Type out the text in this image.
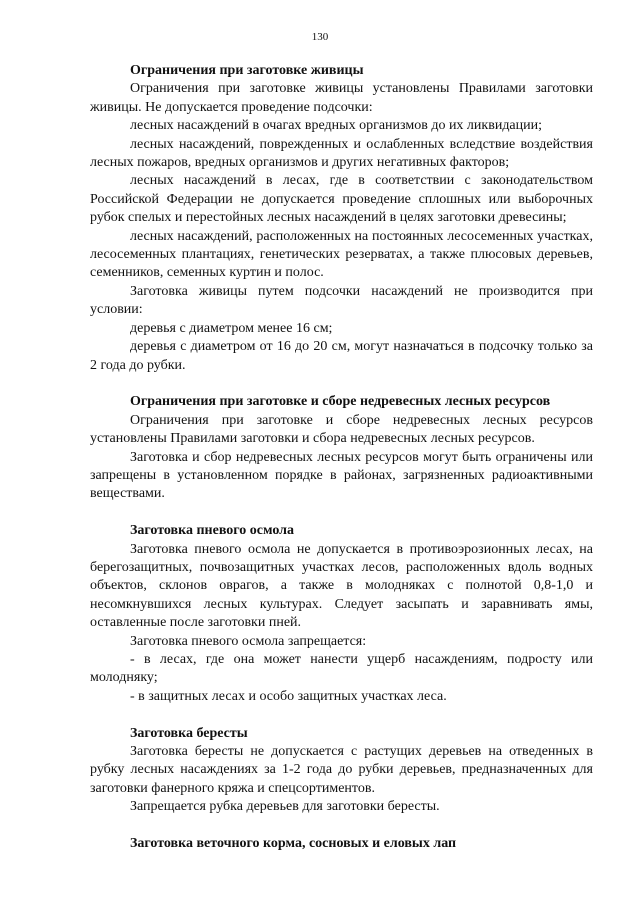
130

Ограничения при заготовке живицы

Ограничения при заготовке живицы установлены Правилами заготовки живицы. Не допускается проведение подсочки:

лесных насаждений в очагах вредных организмов до их ликвидации;

лесных насаждений, поврежденных и ослабленных вследствие воздействия лесных пожаров, вредных организмов и других негативных факторов;

лесных насаждений в лесах, где в соответствии с законодательством Российской Федерации не допускается проведение сплошных или выборочных рубок спелых и перестойных лесных насаждений в целях заготовки древесины;

лесных насаждений, расположенных на постоянных лесосеменных участках, лесосеменных плантациях, генетических резерватах, а также плюсовых деревьев, семенников, семенных куртин и полос.

Заготовка живицы путем подсочки насаждений не производится при условии:

деревья с диаметром менее 16 см;

деревья с диаметром от 16 до 20 см, могут назначаться в подсочку только за 2 года до рубки.

Ограничения при заготовке и сборе недревесных лесных ресурсов

Ограничения при заготовке и сборе недревесных лесных ресурсов установлены Правилами заготовки и сбора недревесных лесных ресурсов.

Заготовка и сбор недревесных лесных ресурсов могут быть ограничены или запрещены в установленном порядке в районах, загрязненных радиоактивными веществами.

Заготовка пневого осмола

Заготовка пневого осмола не допускается в противоэрозионных лесах, на берегозащитных, почвозащитных участках лесов, расположенных вдоль водных объектов, склонов оврагов, а также в молодняках с полнотой 0,8-1,0 и несомкнувшихся лесных культурах. Следует засыпать и заравнивать ямы, оставленные после заготовки пней.

Заготовка пневого осмола запрещается:

- в лесах, где она может нанести ущерб насаждениям, подросту или молодняку;

- в защитных лесах и особо защитных участках леса.

Заготовка бересты

Заготовка бересты не допускается с растущих деревьев на отведенных в рубку лесных насаждениях за 1-2 года до рубки деревьев, предназначенных для заготовки фанерного кряжа и спецсортиментов.

Запрещается рубка деревьев для заготовки бересты.

Заготовка веточного корма, сосновых и еловых лап
